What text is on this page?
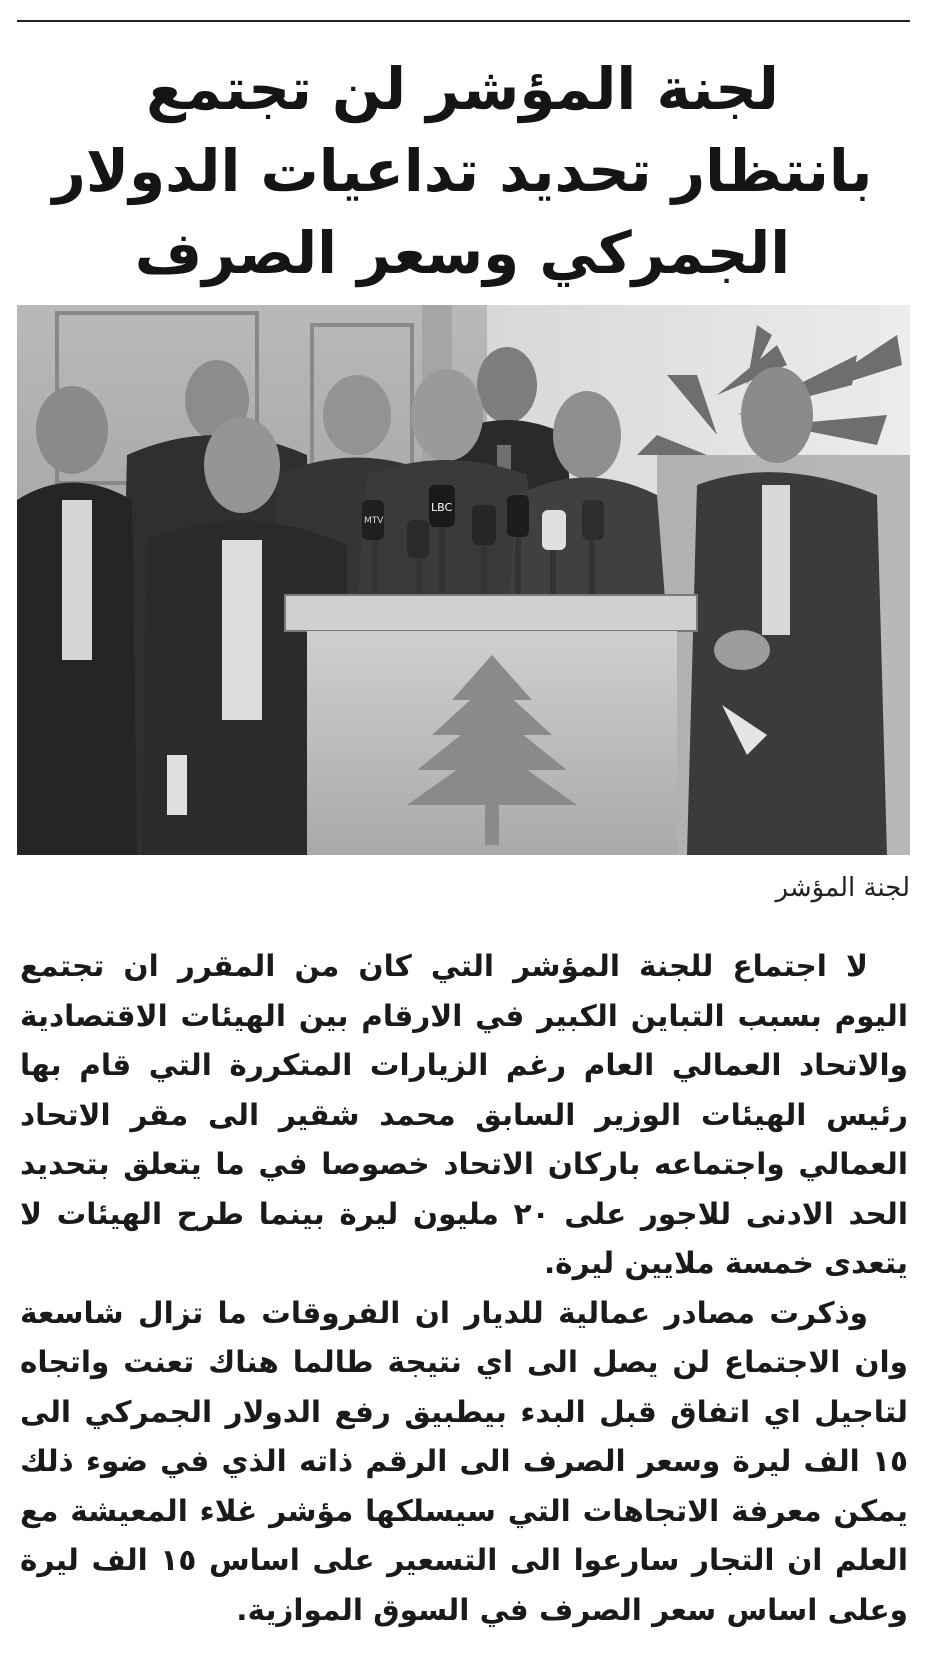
لجنة المؤشر لن تجتمع
بانتظار تحديد تداعيات الدولار
الجمركي وسعر الصرف
LBC
MTV
لجنة المؤشر

لا اجتماع للجنة المؤشر التي كان من المقرر ان تجتمع اليوم بسبب التباين الكبير في الارقام بين الهيئات الاقتصادية والاتحاد العمالي العام رغم الزيارات المتكررة التي قام بها رئيس الهيئات الوزير السابق محمد شقير الى مقر الاتحاد العمالي واجتماعه باركان الاتحاد خصوصا في ما يتعلق بتحديد الحد الادنى للاجور على ٢٠ مليون ليرة بينما طرح الهيئات لا يتعدى خمسة ملايين ليرة.

وذكرت مصادر عمالية للديار ان الفروقات ما تزال شاسعة وان الاجتماع لن يصل الى اي نتيجة طالما هناك تعنت واتجاه لتاجيل اي اتفاق قبل البدء بيطبيق رفع الدولار الجمركي الى ١٥ الف ليرة وسعر الصرف الى الرقم ذاته الذي في ضوء ذلك يمكن معرفة الاتجاهات التي سيسلكها مؤشر غلاء المعيشة مع العلم ان التجار سارعوا الى التسعير على اساس ١٥ الف ليرة وعلى اساس سعر الصرف في السوق الموازية.
